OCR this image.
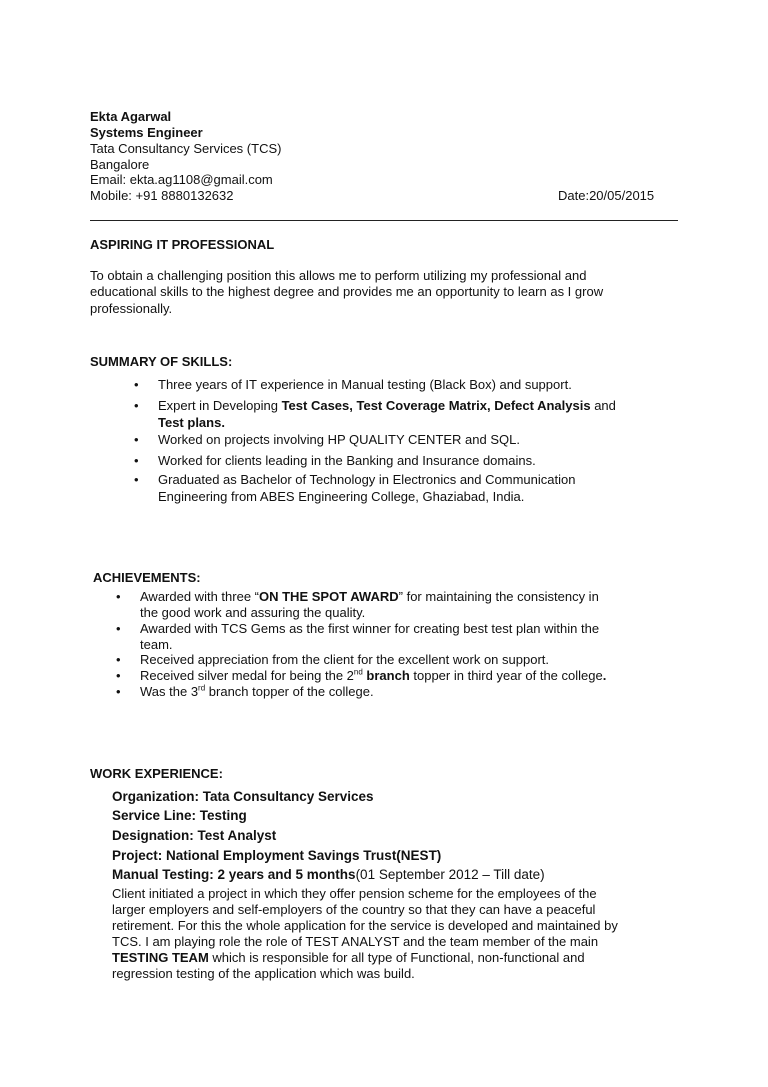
Ekta Agarwal
Systems Engineer
Tata Consultancy Services (TCS)
Bangalore
Email: ekta.ag1108@gmail.com
Mobile: +91 8880132632	Date:20/05/2015
ASPIRING IT PROFESSIONAL
To obtain a challenging position this allows me to perform utilizing my professional and
educational skills to the highest degree and provides me an opportunity to learn as I grow
professionally.
SUMMARY OF SKILLS:
• Three years of IT experience in Manual testing (Black Box) and support.
• Expert in Developing Test Cases, Test Coverage Matrix, Defect Analysis and
Test plans.
• Worked on projects involving HP QUALITY CENTER and SQL.
• Worked for clients leading in the Banking and Insurance domains.
• Graduated as Bachelor of Technology in Electronics and Communication
Engineering from ABES Engineering College, Ghaziabad, India.
ACHIEVEMENTS:
• Awarded with three “ON THE SPOT AWARD” for maintaining the consistency in
the good work and assuring the quality.
• Awarded with TCS Gems as the first winner for creating best test plan within the
team.
• Received appreciation from the client for the excellent work on support.
• Received silver medal for being the 2nd branch topper in third year of the college.
• Was the 3rd branch topper of the college.
WORK EXPERIENCE:
Organization: Tata Consultancy Services
Service Line: Testing
Designation: Test Analyst
Project: National Employment Savings Trust(NEST)
Manual Testing: 2 years and 5 months(01 September 2012 – Till date)
Client initiated a project in which they offer pension scheme for the employees of the
larger employers and self-employers of the country so that they can have a peaceful
retirement. For this the whole application for the service is developed and maintained by
TCS. I am playing role the role of TEST ANALYST and the team member of the main
TESTING TEAM which is responsible for all type of Functional, non-functional and
regression testing of the application which was build.
